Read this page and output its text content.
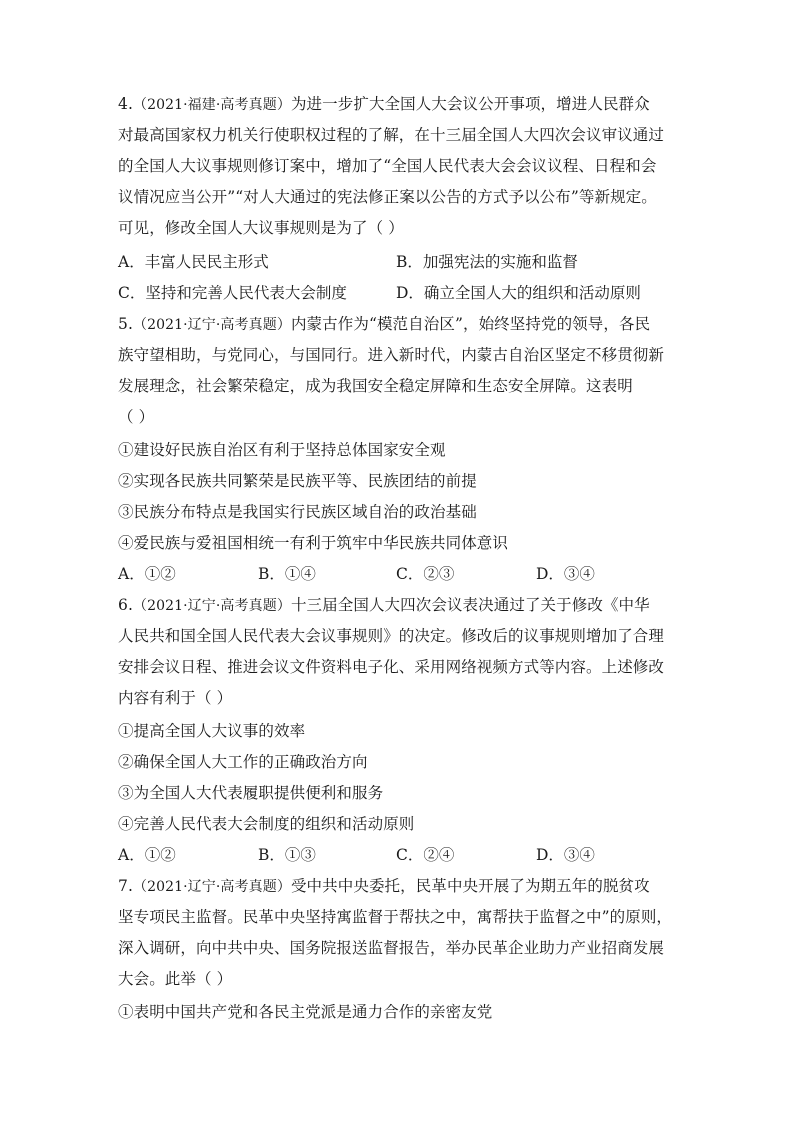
4.（2021·福建·高考真题）为进一步扩大全国人大会议公开事项，增进人民群众
对最高国家权力机关行使职权过程的了解，在十三届全国人大四次会议审议通过
的全国人大议事规则修订案中，增加了“全国人民代表大会会议议程、日程和会
议情况应当公开”“对人大通过的宪法修正案以公告的方式予以公布”等新规定。
可见，修改全国人大议事规则是为了（ ）
A．丰富人民民主形式	B．加强宪法的实施和监督
C．坚持和完善人民代表大会制度	D．确立全国人大的组织和活动原则
5.（2021·辽宁·高考真题）内蒙古作为“模范自治区”，始终坚持党的领导，各民
族守望相助，与党同心，与国同行。进入新时代，内蒙古自治区坚定不移贯彻新
发展理念，社会繁荣稳定，成为我国安全稳定屏障和生态安全屏障。这表明
（ ）
①建设好民族自治区有利于坚持总体国家安全观
②实现各民族共同繁荣是民族平等、民族团结的前提
③民族分布特点是我国实行民族区域自治的政治基础
④爱民族与爱祖国相统一有利于筑牢中华民族共同体意识
A．①②	B．①④	C．②③	D．③④
6.（2021·辽宁·高考真题）十三届全国人大四次会议表决通过了关于修改《中华
人民共和国全国人民代表大会议事规则》的决定。修改后的议事规则增加了合理
安排会议日程、推进会议文件资料电子化、采用网络视频方式等内容。上述修改
内容有利于（ ）
①提高全国人大议事的效率
②确保全国人大工作的正确政治方向
③为全国人大代表履职提供便利和服务
④完善人民代表大会制度的组织和活动原则
A．①②	B．①③	C．②④	D．③④
7.（2021·辽宁·高考真题）受中共中央委托，民革中央开展了为期五年的脱贫攻
坚专项民主监督。民革中央坚持寓监督于帮扶之中，寓帮扶于监督之中”的原则，
深入调研，向中共中央、国务院报送监督报告，举办民革企业助力产业招商发展
大会。此举（ ）
①表明中国共产党和各民主党派是通力合作的亲密友党
